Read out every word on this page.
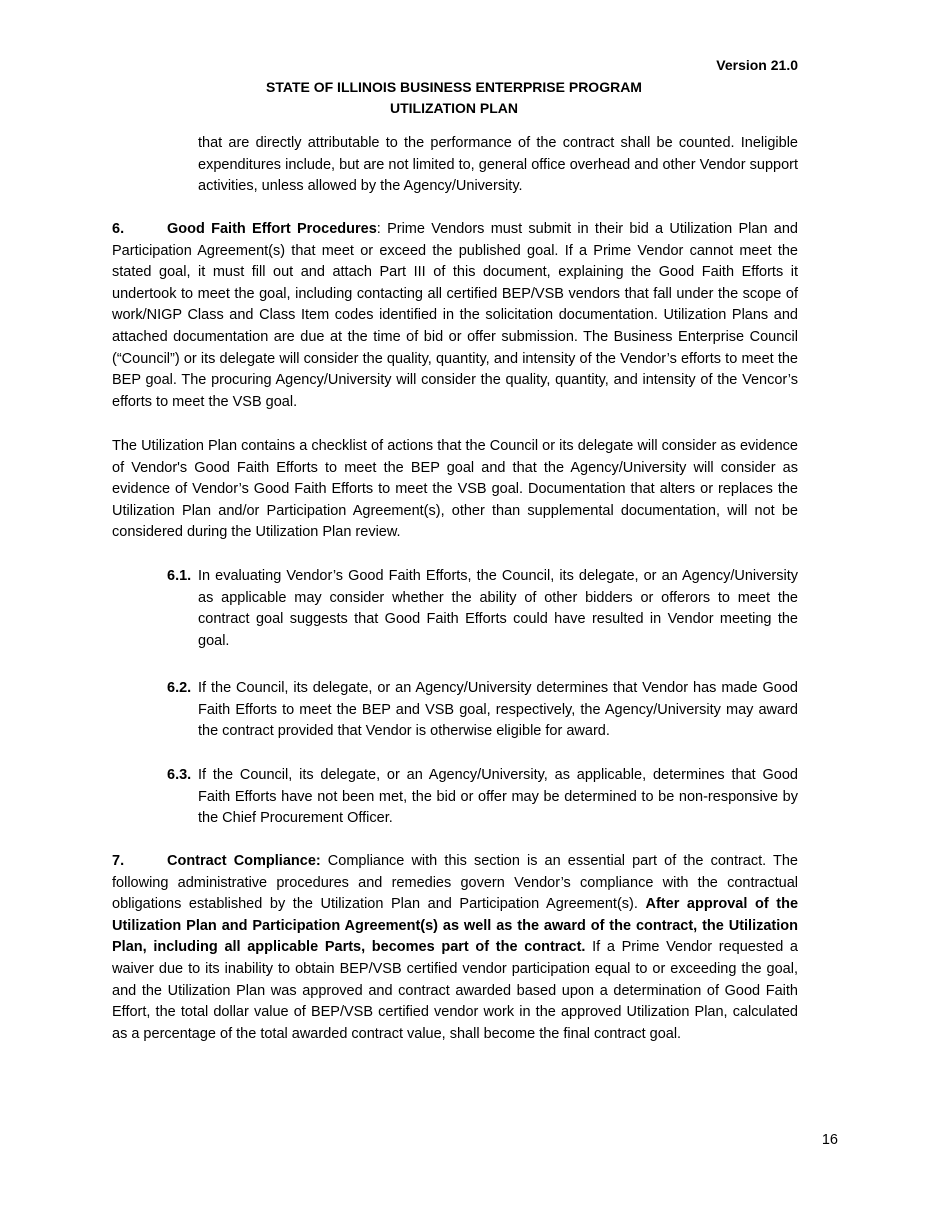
Version 21.0
STATE OF ILLINOIS BUSINESS ENTERPRISE PROGRAM
UTILIZATION PLAN

that are directly attributable to the performance of the contract shall be counted. Ineligible expenditures include, but are not limited to, general office overhead and other Vendor support activities, unless allowed by the Agency/University.

6.	Good Faith Effort Procedures: Prime Vendors must submit in their bid a Utilization Plan and Participation Agreement(s) that meet or exceed the published goal. If a Prime Vendor cannot meet the stated goal, it must fill out and attach Part III of this document, explaining the Good Faith Efforts it undertook to meet the goal, including contacting all certified BEP/VSB vendors that fall under the scope of work/NIGP Class and Class Item codes identified in the solicitation documentation. Utilization Plans and attached documentation are due at the time of bid or offer submission. The Business Enterprise Council (“Council”) or its delegate will consider the quality, quantity, and intensity of the Vendor’s efforts to meet the BEP goal. The procuring Agency/University will consider the quality, quantity, and intensity of the Vencor’s efforts to meet the VSB goal.

The Utilization Plan contains a checklist of actions that the Council or its delegate will consider as evidence of Vendor's Good Faith Efforts to meet the BEP goal and that the Agency/University will consider as evidence of Vendor’s Good Faith Efforts to meet the VSB goal. Documentation that alters or replaces the Utilization Plan and/or Participation Agreement(s), other than supplemental documentation, will not be considered during the Utilization Plan review.

6.1. In evaluating Vendor’s Good Faith Efforts, the Council, its delegate, or an Agency/University as applicable may consider whether the ability of other bidders or offerors to meet the contract goal suggests that Good Faith Efforts could have resulted in Vendor meeting the goal.
6.2. If the Council, its delegate, or an Agency/University determines that Vendor has made Good Faith Efforts to meet the BEP and VSB goal, respectively, the Agency/University may award the contract provided that Vendor is otherwise eligible for award.
6.3. If the Council, its delegate, or an Agency/University, as applicable, determines that Good Faith Efforts have not been met, the bid or offer may be determined to be non-responsive by the Chief Procurement Officer.

7.	Contract Compliance: Compliance with this section is an essential part of the contract. The following administrative procedures and remedies govern Vendor’s compliance with the contractual obligations established by the Utilization Plan and Participation Agreement(s). After approval of the Utilization Plan and Participation Agreement(s) as well as the award of the contract, the Utilization Plan, including all applicable Parts, becomes part of the contract. If a Prime Vendor requested a waiver due to its inability to obtain BEP/VSB certified vendor participation equal to or exceeding the goal, and the Utilization Plan was approved and contract awarded based upon a determination of Good Faith Effort, the total dollar value of BEP/VSB certified vendor work in the approved Utilization Plan, calculated as a percentage of the total awarded contract value, shall become the final contract goal.

16
